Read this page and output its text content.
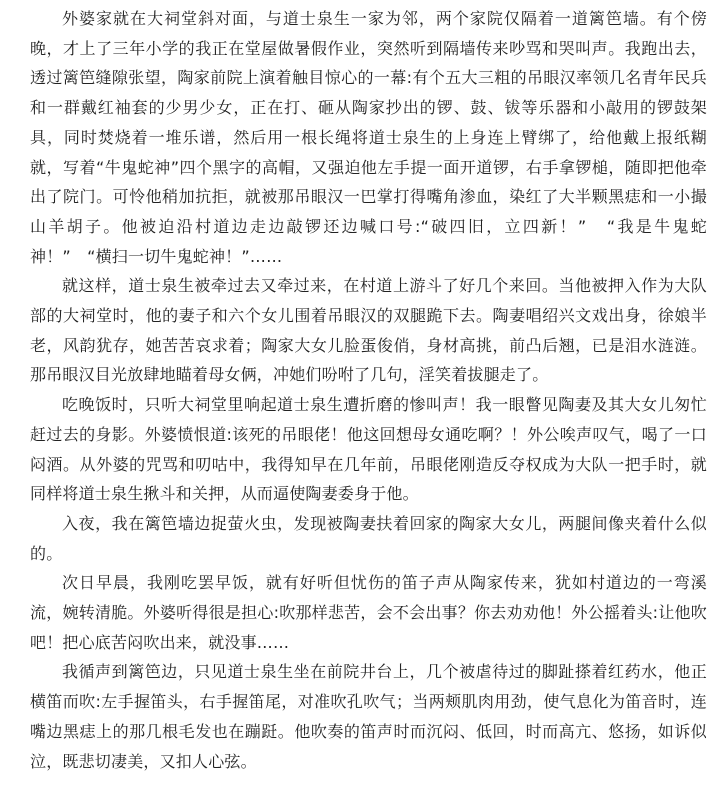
外婆家就在大祠堂斜对面，与道士泉生一家为邻，两个家院仅隔着一道篱笆墙。有个傍晚，才上了三年小学的我正在堂屋做暑假作业，突然听到隔墙传来吵骂和哭叫声。我跑出去，透过篱笆缝隙张望，陶家前院上演着触目惊心的一幕:有个五大三粗的吊眼汉率领几名青年民兵和一群戴红袖套的少男少女，正在打、砸从陶家抄出的锣、鼓、钹等乐器和小敲用的锣鼓架具，同时焚烧着一堆乐谱，然后用一根长绳将道士泉生的上身连上臂绑了，给他戴上报纸糊就，写着“牛鬼蛇神”四个黑字的高帽，又强迫他左手提一面开道锣，右手拿锣槌，随即把他牵出了院门。可怜他稍加抗拒，就被那吊眼汉一巴掌打得嘴角渗血，染红了大半颗黑痣和一小撮山羊胡子。他被迫沿村道边走边敲锣还边喊口号:“破四旧，立四新！”　“我是牛鬼蛇神！”　“横扫一切牛鬼蛇神！”……

就这样，道士泉生被牵过去又牵过来，在村道上游斗了好几个来回。当他被押入作为大队部的大祠堂时，他的妻子和六个女儿围着吊眼汉的双腿跪下去。陶妻唱绍兴文戏出身，徐娘半老，风韵犹存，她苦苦哀求着；陶家大女儿脸蛋俊俏，身材高挑，前凸后翘，已是泪水涟涟。那吊眼汉目光放肆地瞄着母女俩，冲她们吩咐了几句，淫笑着拔腿走了。

吃晚饭时，只听大祠堂里响起道士泉生遭折磨的惨叫声！我一眼瞥见陶妻及其大女儿匆忙赶过去的身影。外婆愤恨道:该死的吊眼佬！他这回想母女通吃啊？！外公唉声叹气，喝了一口闷酒。从外婆的咒骂和叨咕中，我得知早在几年前，吊眼佬刚造反夺权成为大队一把手时，就同样将道士泉生揪斗和关押，从而逼使陶妻委身于他。

入夜，我在篱笆墙边捉萤火虫，发现被陶妻扶着回家的陶家大女儿，两腿间像夹着什么似的。

次日早晨，我刚吃罢早饭，就有好听但忧伤的笛子声从陶家传来，犹如村道边的一弯溪流，婉转清脆。外婆听得很是担心:吹那样悲苦，会不会出事？你去劝劝他！外公摇着头:让他吹吧！把心底苦闷吹出来，就没事……

我循声到篱笆边，只见道士泉生坐在前院井台上，几个被虐待过的脚趾搽着红药水，他正横笛而吹:左手握笛头，右手握笛尾，对准吹孔吹气；当两颊肌肉用劲，使气息化为笛音时，连嘴边黑痣上的那几根毛发也在蹦跹。他吹奏的笛声时而沉闷、低回，时而高亢、悠扬，如诉似泣，既悲切凄美，又扣人心弦。
